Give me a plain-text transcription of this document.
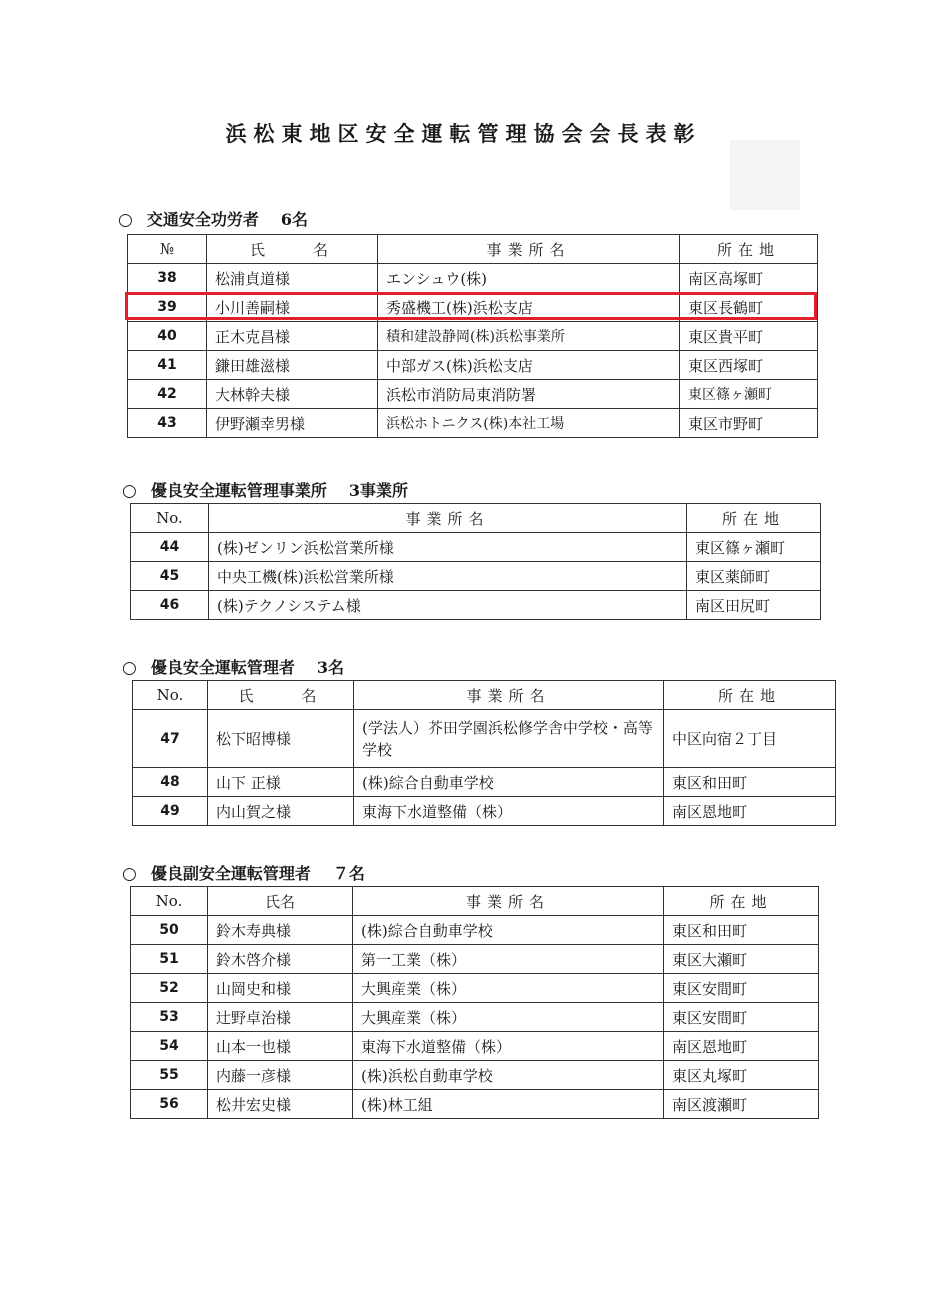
浜松東地区安全運転管理協会会長表彰
○ 交通安全功労者 6名
№	氏　　名	事業所名	所在地
38	松浦貞道様	エンシュウ(株)	南区高塚町
39	小川善嗣様	秀盛機工(株)浜松支店	東区長鶴町
40	正木克昌様	積和建設静岡(株)浜松事業所	東区貴平町
41	鎌田雄滋様	中部ガス(株)浜松支店	東区西塚町
42	大林幹夫様	浜松市消防局東消防署	東区篠ヶ瀬町
43	伊野瀬幸男様	浜松ホトニクス(株)本社工場	東区市野町
○ 優良安全運転管理事業所 3事業所
No.	事業所名	所在地
44	(株)ゼンリン浜松営業所様	東区篠ヶ瀬町
45	中央工機(株)浜松営業所様	東区薬師町
46	(株)テクノシステム様	南区田尻町
○ 優良安全運転管理者 3名
No.	氏　　名	事業所名	所在地
47	松下昭博様	(学法人）芥田学園浜松修学舎中学校・高等学校	中区向宿２丁目
48	山下 正様	(株)綜合自動車学校	東区和田町
49	内山賀之様	東海下水道整備（株）	南区恩地町
○ 優良副安全運転管理者 ７名
No.	氏名	事業所名	所在地
50	鈴木寿典様	(株)綜合自動車学校	東区和田町
51	鈴木啓介様	第一工業（株）	東区大瀬町
52	山岡史和様	大興産業（株）	東区安間町
53	辻野卓治様	大興産業（株）	東区安間町
54	山本一也様	東海下水道整備（株）	南区恩地町
55	内藤一彦様	(株)浜松自動車学校	東区丸塚町
56	松井宏史様	(株)林工組	南区渡瀬町
